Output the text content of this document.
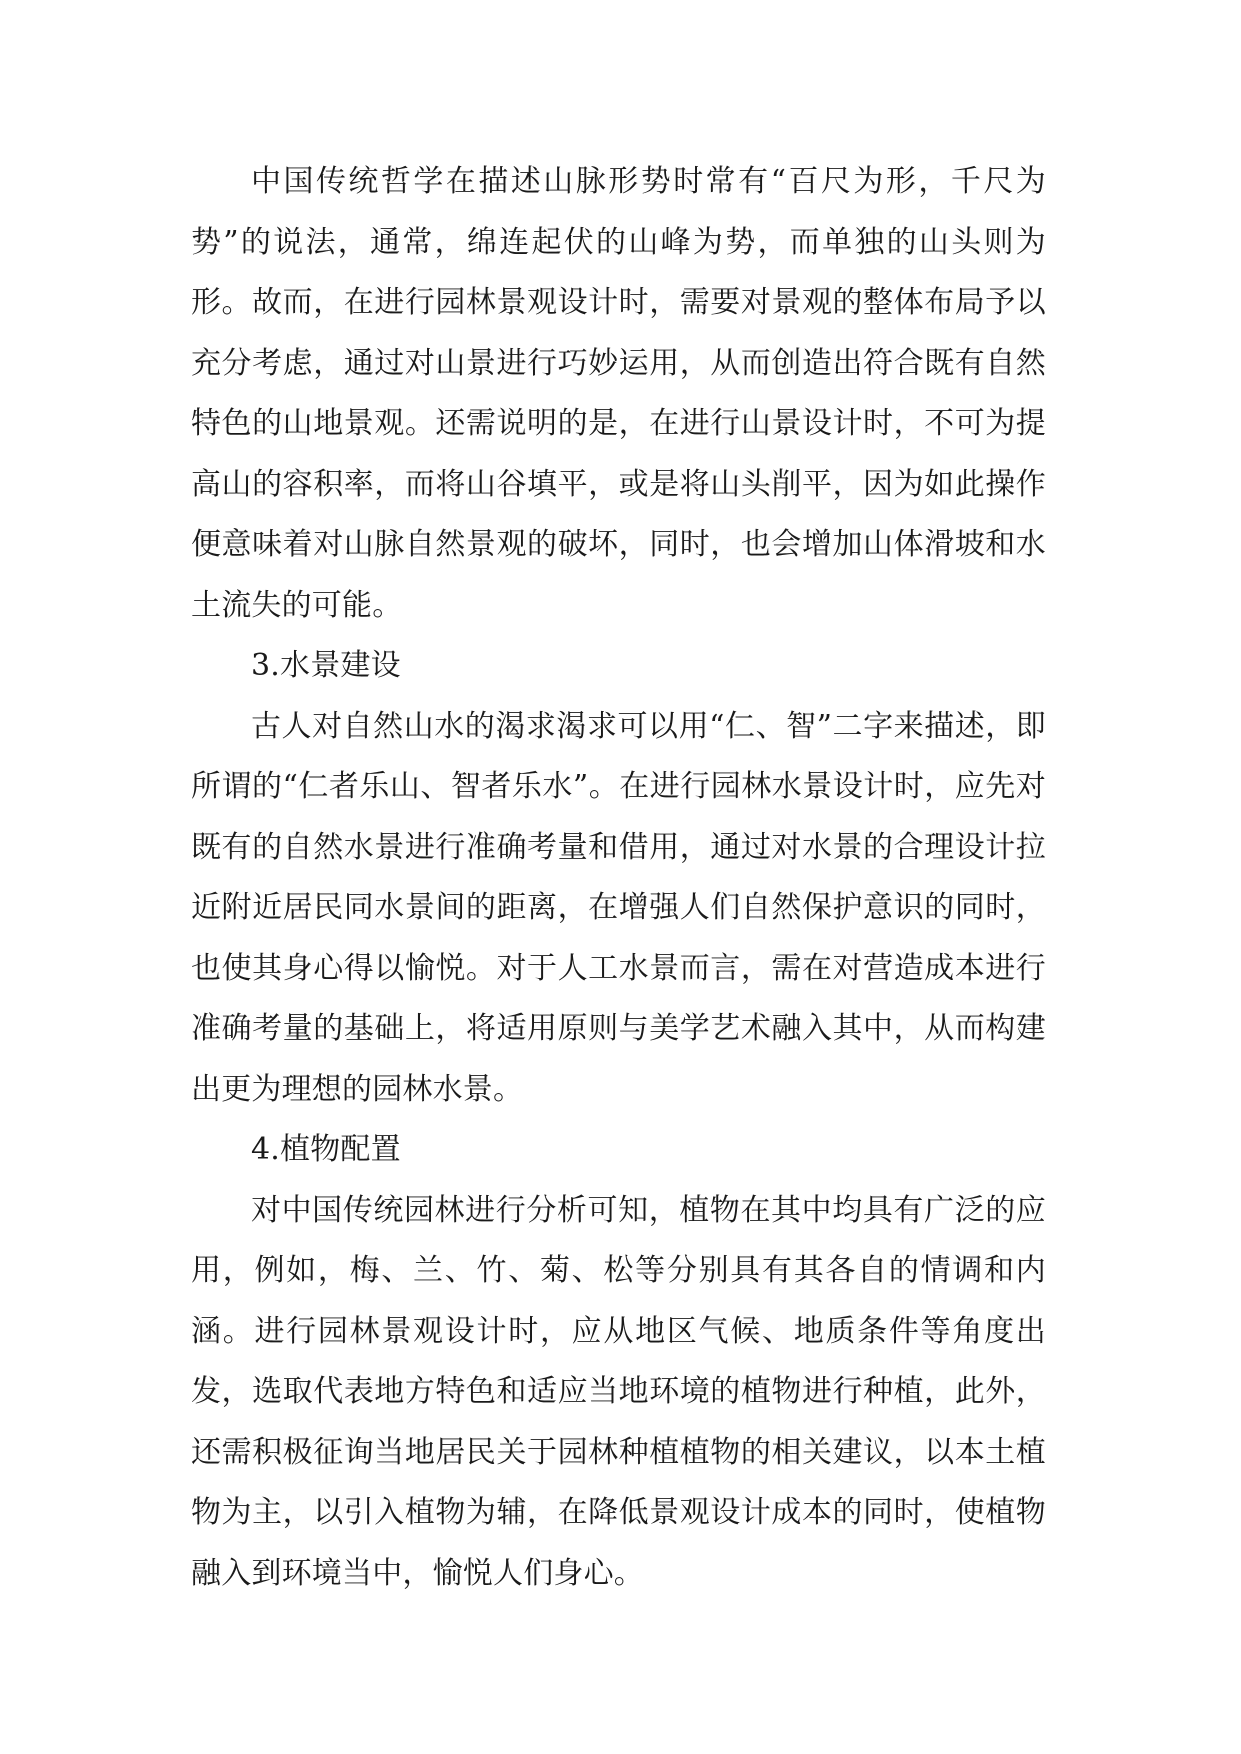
中国传统哲学在描述山脉形势时常有“百尺为形，千尺为势”的说法，通常，绵连起伏的山峰为势，而单独的山头则为形。故而，在进行园林景观设计时，需要对景观的整体布局予以充分考虑，通过对山景进行巧妙运用，从而创造出符合既有自然特色的山地景观。还需说明的是，在进行山景设计时，不可为提高山的容积率，而将山谷填平，或是将山头削平，因为如此操作便意味着对山脉自然景观的破坏，同时，也会增加山体滑坡和水土流失的可能。

3.水景建设

古人对自然山水的渴求渴求可以用“仁、智”二字来描述，即所谓的“仁者乐山、智者乐水”。在进行园林水景设计时，应先对既有的自然水景进行准确考量和借用，通过对水景的合理设计拉近附近居民同水景间的距离，在增强人们自然保护意识的同时，也使其身心得以愉悦。对于人工水景而言，需在对营造成本进行准确考量的基础上，将适用原则与美学艺术融入其中，从而构建出更为理想的园林水景。

4.植物配置

对中国传统园林进行分析可知，植物在其中均具有广泛的应用，例如，梅、兰、竹、菊、松等分别具有其各自的情调和内涵。进行园林景观设计时，应从地区气候、地质条件等角度出发，选取代表地方特色和适应当地环境的植物进行种植，此外，还需积极征询当地居民关于园林种植植物的相关建议，以本土植物为主，以引入植物为辅，在降低景观设计成本的同时，使植物融入到环境当中，愉悦人们身心。
